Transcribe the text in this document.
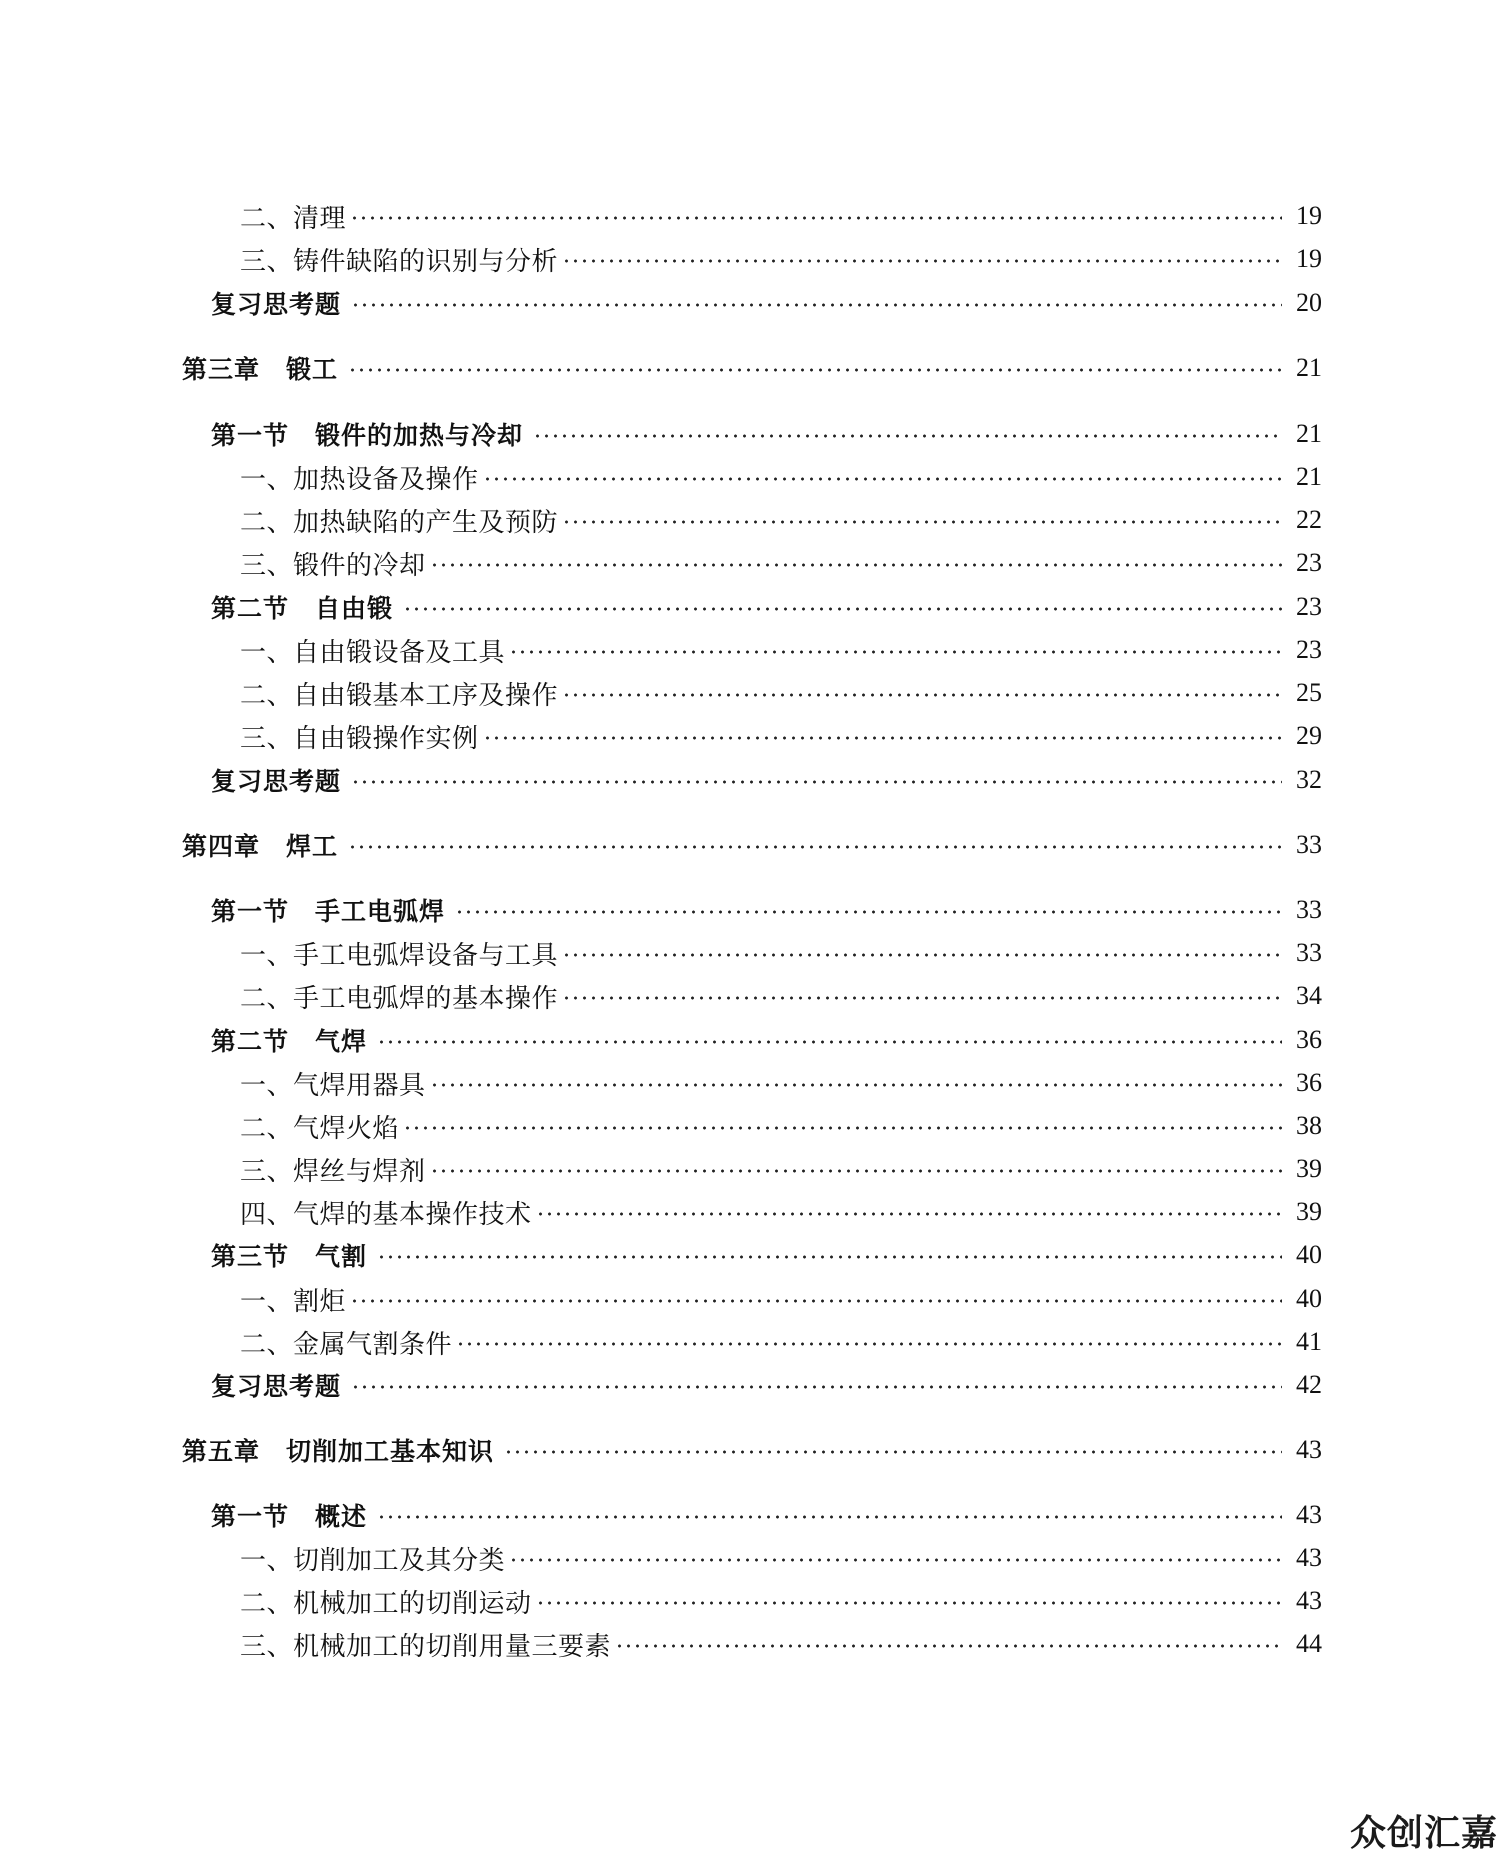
二、清理	19
三、铸件缺陷的识别与分析	19
复习思考题	20
第三章　锻工	21
第一节　锻件的加热与冷却	21
一、加热设备及操作	21
二、加热缺陷的产生及预防	22
三、锻件的冷却	23
第二节　自由锻	23
一、自由锻设备及工具	23
二、自由锻基本工序及操作	25
三、自由锻操作实例	29
复习思考题	32
第四章　焊工	33
第一节　手工电弧焊	33
一、手工电弧焊设备与工具	33
二、手工电弧焊的基本操作	34
第二节　气焊	36
一、气焊用器具	36
二、气焊火焰	38
三、焊丝与焊剂	39
四、气焊的基本操作技术	39
第三节　气割	40
一、割炬	40
二、金属气割条件	41
复习思考题	42
第五章　切削加工基本知识	43
第一节　概述	43
一、切削加工及其分类	43
二、机械加工的切削运动	43
三、机械加工的切削用量三要素	44
众创汇嘉
